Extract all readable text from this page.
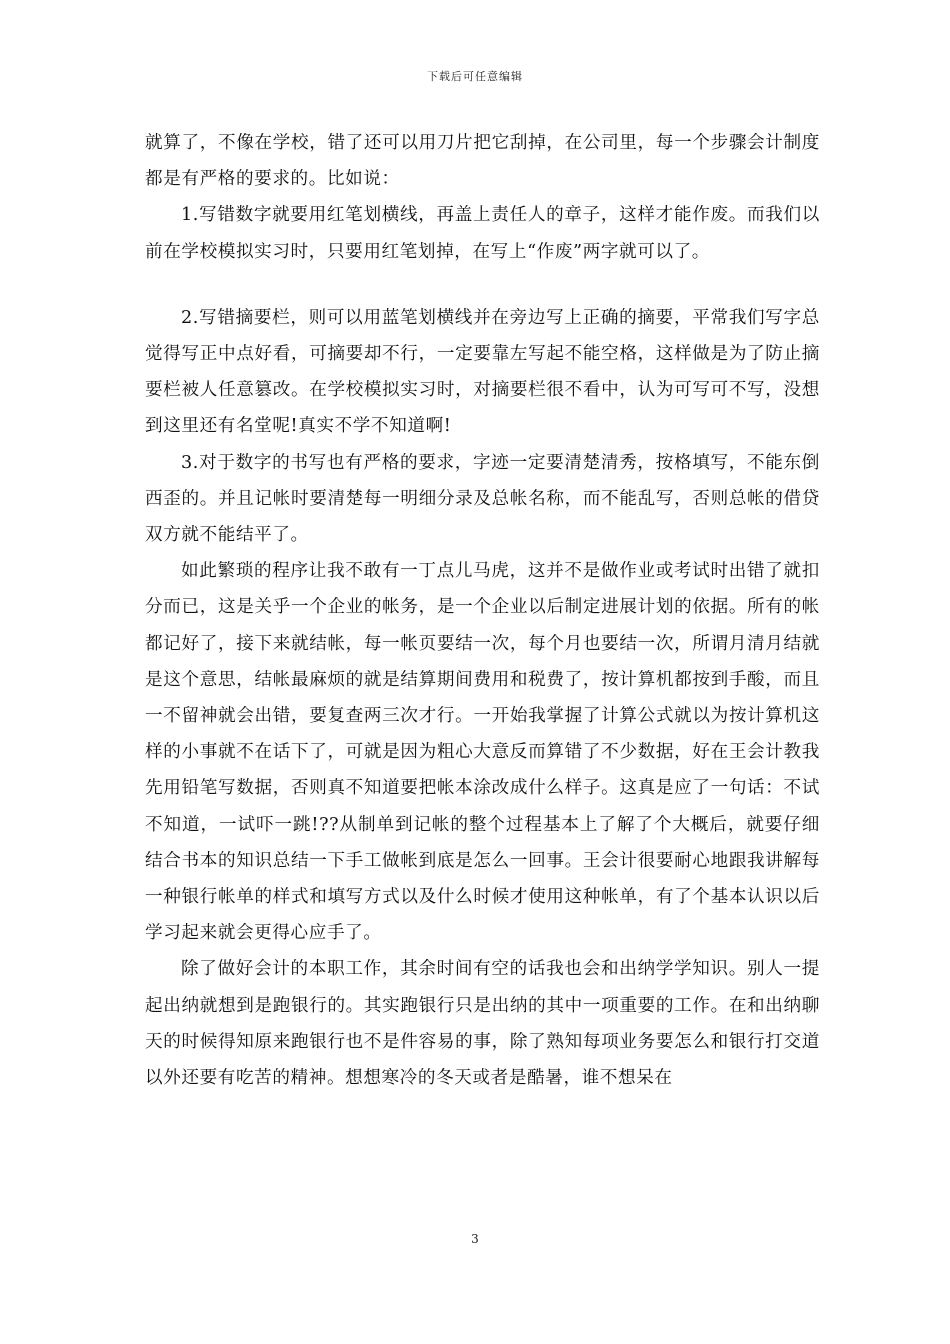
下载后可任意编辑

就算了，不像在学校，错了还可以用刀片把它刮掉，在公司里，每一个步骤会计制度都是有严格的要求的。比如说：

1.写错数字就要用红笔划横线，再盖上责任人的章子，这样才能作废。而我们以前在学校模拟实习时，只要用红笔划掉，在写上“作废”两字就可以了。

2.写错摘要栏，则可以用蓝笔划横线并在旁边写上正确的摘要，平常我们写字总觉得写正中点好看，可摘要却不行，一定要靠左写起不能空格，这样做是为了防止摘要栏被人任意篡改。在学校模拟实习时，对摘要栏很不看中，认为可写可不写，没想到这里还有名堂呢!真实不学不知道啊!

3.对于数字的书写也有严格的要求，字迹一定要清楚清秀，按格填写，不能东倒西歪的。并且记帐时要清楚每一明细分录及总帐名称，而不能乱写，否则总帐的借贷双方就不能结平了。

如此繁琐的程序让我不敢有一丁点儿马虎，这并不是做作业或考试时出错了就扣分而已，这是关乎一个企业的帐务，是一个企业以后制定进展计划的依据。所有的帐都记好了，接下来就结帐，每一帐页要结一次，每个月也要结一次，所谓月清月结就是这个意思，结帐最麻烦的就是结算期间费用和税费了，按计算机都按到手酸，而且一不留神就会出错，要复查两三次才行。一开始我掌握了计算公式就以为按计算机这样的小事就不在话下了，可就是因为粗心大意反而算错了不少数据，好在王会计教我先用铅笔写数据，否则真不知道要把帐本涂改成什么样子。这真是应了一句话：不试不知道，一试吓一跳!??从制单到记帐的整个过程基本上了解了个大概后，就要仔细结合书本的知识总结一下手工做帐到底是怎么一回事。王会计很要耐心地跟我讲解每一种银行帐单的样式和填写方式以及什么时候才使用这种帐单，有了个基本认识以后学习起来就会更得心应手了。

除了做好会计的本职工作，其余时间有空的话我也会和出纳学学知识。别人一提起出纳就想到是跑银行的。其实跑银行只是出纳的其中一项重要的工作。在和出纳聊天的时候得知原来跑银行也不是件容易的事，除了熟知每项业务要怎么和银行打交道以外还要有吃苦的精神。想想寒冷的冬天或者是酷暑，谁不想呆在

3
